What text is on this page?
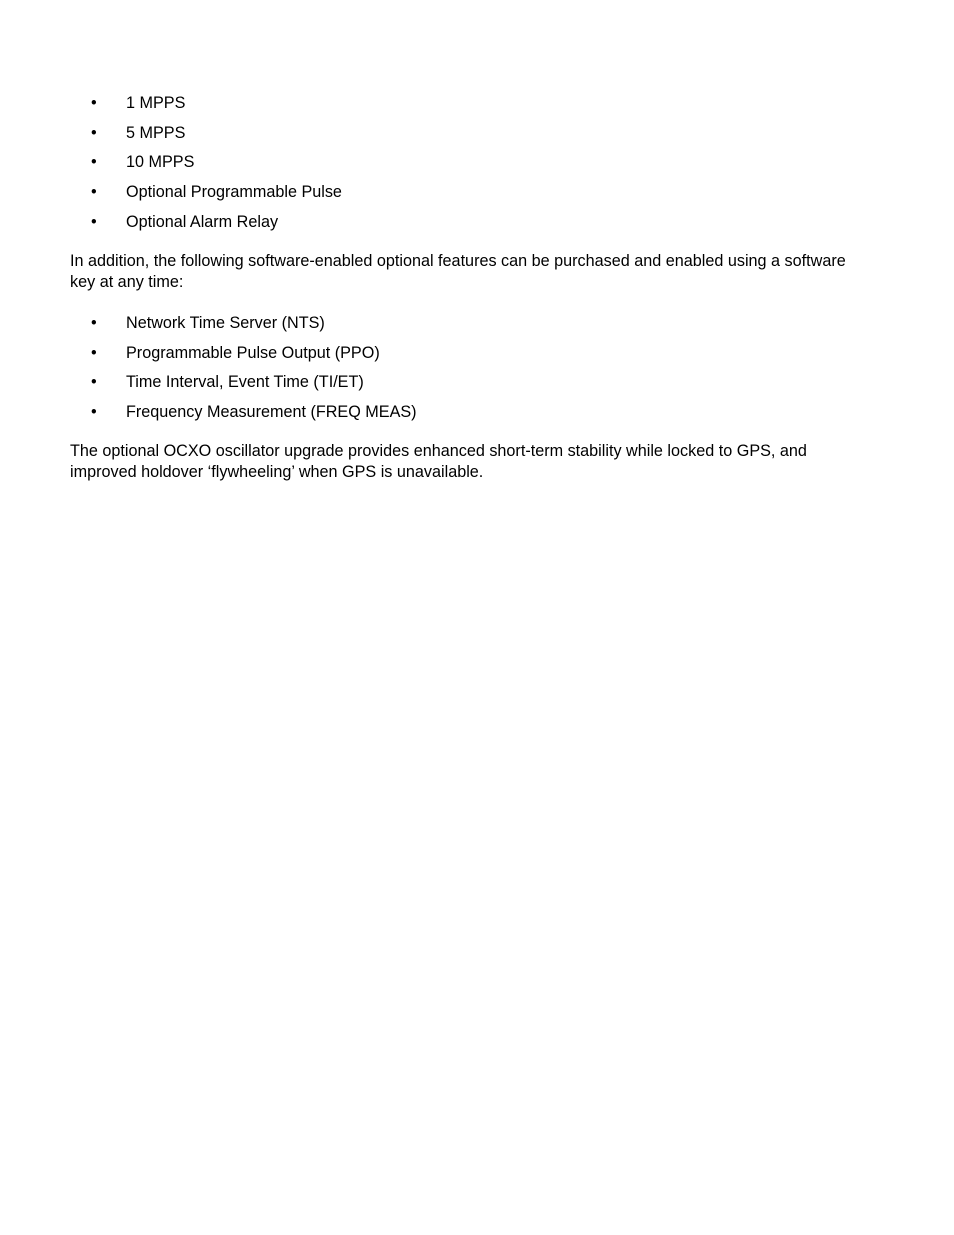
• 1 MPPS
• 5 MPPS
• 10 MPPS
• Optional Programmable Pulse
• Optional Alarm Relay

In addition, the following software-enabled optional features can be purchased and enabled using a software key at any time:

• Network Time Server (NTS)
• Programmable Pulse Output (PPO)
• Time Interval, Event Time (TI/ET)
• Frequency Measurement (FREQ MEAS)

The optional OCXO oscillator upgrade provides enhanced short-term stability while locked to GPS, and improved holdover ‘flywheeling’ when GPS is unavailable.
